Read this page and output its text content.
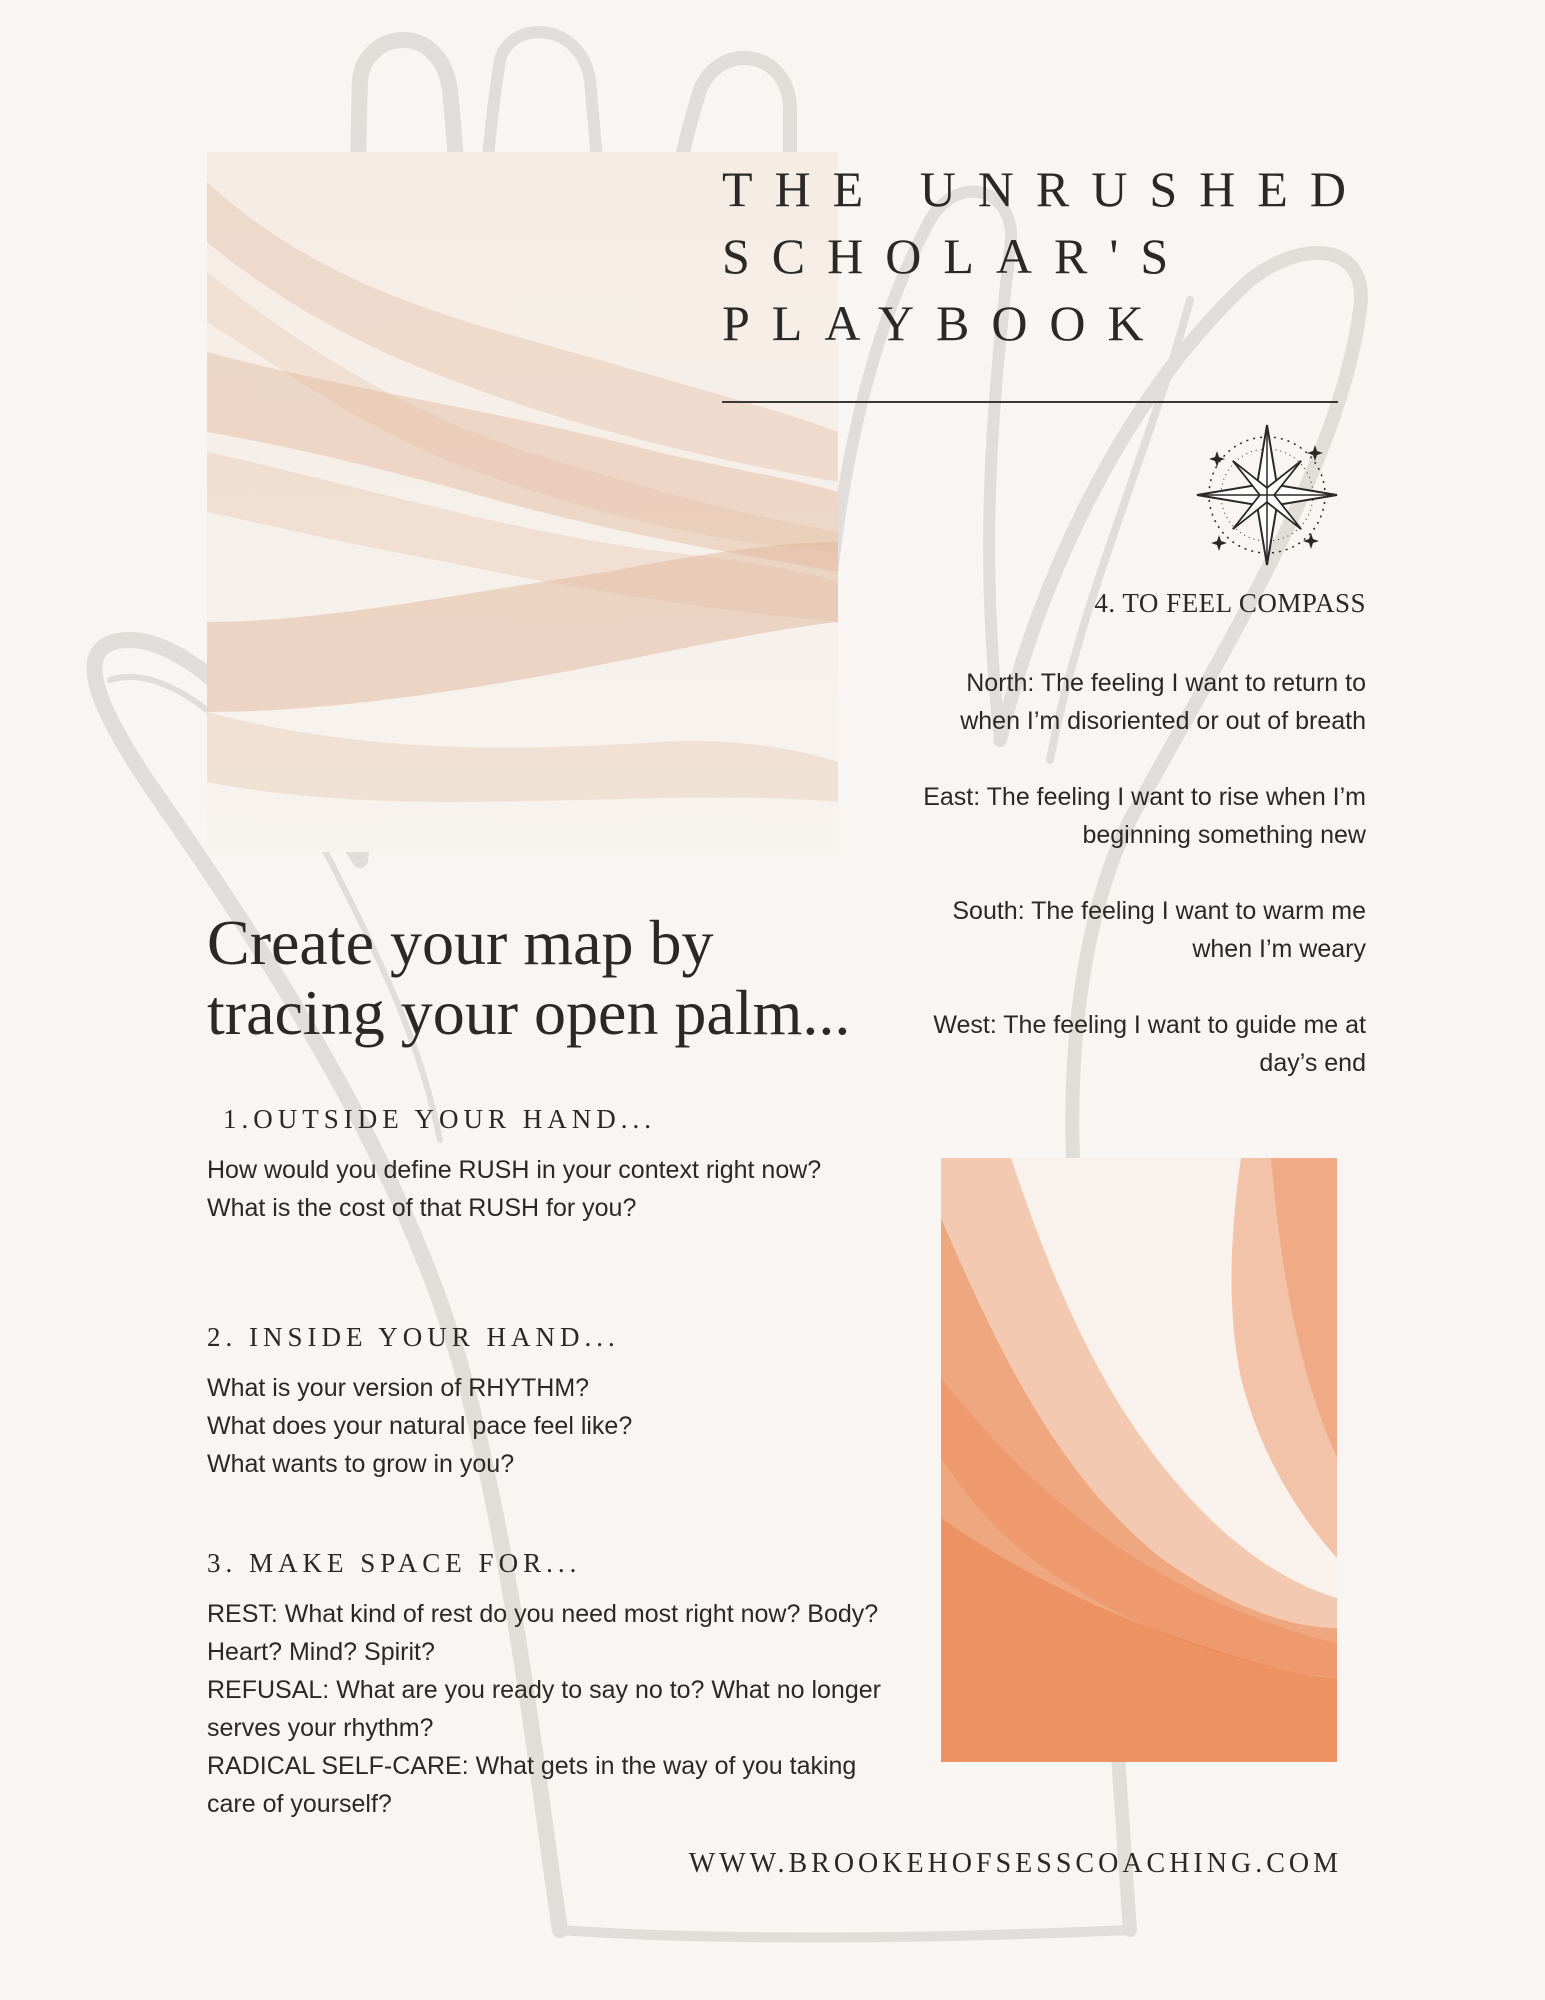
THE UNRUSHED
SCHOLAR'S
PLAYBOOK
4. TO FEEL COMPASS

North: The feeling I want to return to when I’m disoriented or out of breath

East: The feeling I want to rise when I’m beginning something new

South: The feeling I want to warm me when I’m weary

West: The feeling I want to guide me at day’s end

Create your map by
tracing your open palm...
1.OUTSIDE YOUR HAND...

How would you define RUSH in your context right now?

What is the cost of that RUSH for you?

2. INSIDE YOUR HAND...

What is your version of RHYTHM?

What does your natural pace feel like?

What wants to grow in you?

3. MAKE SPACE FOR...

REST: What kind of rest do you need most right now? Body? Heart? Mind? Spirit?

REFUSAL: What are you ready to say no to? What no longer serves your rhythm?

RADICAL SELF-CARE: What gets in the way of you taking care of yourself?

WWW.BROOKEHOFSESSCOACHING.COM
